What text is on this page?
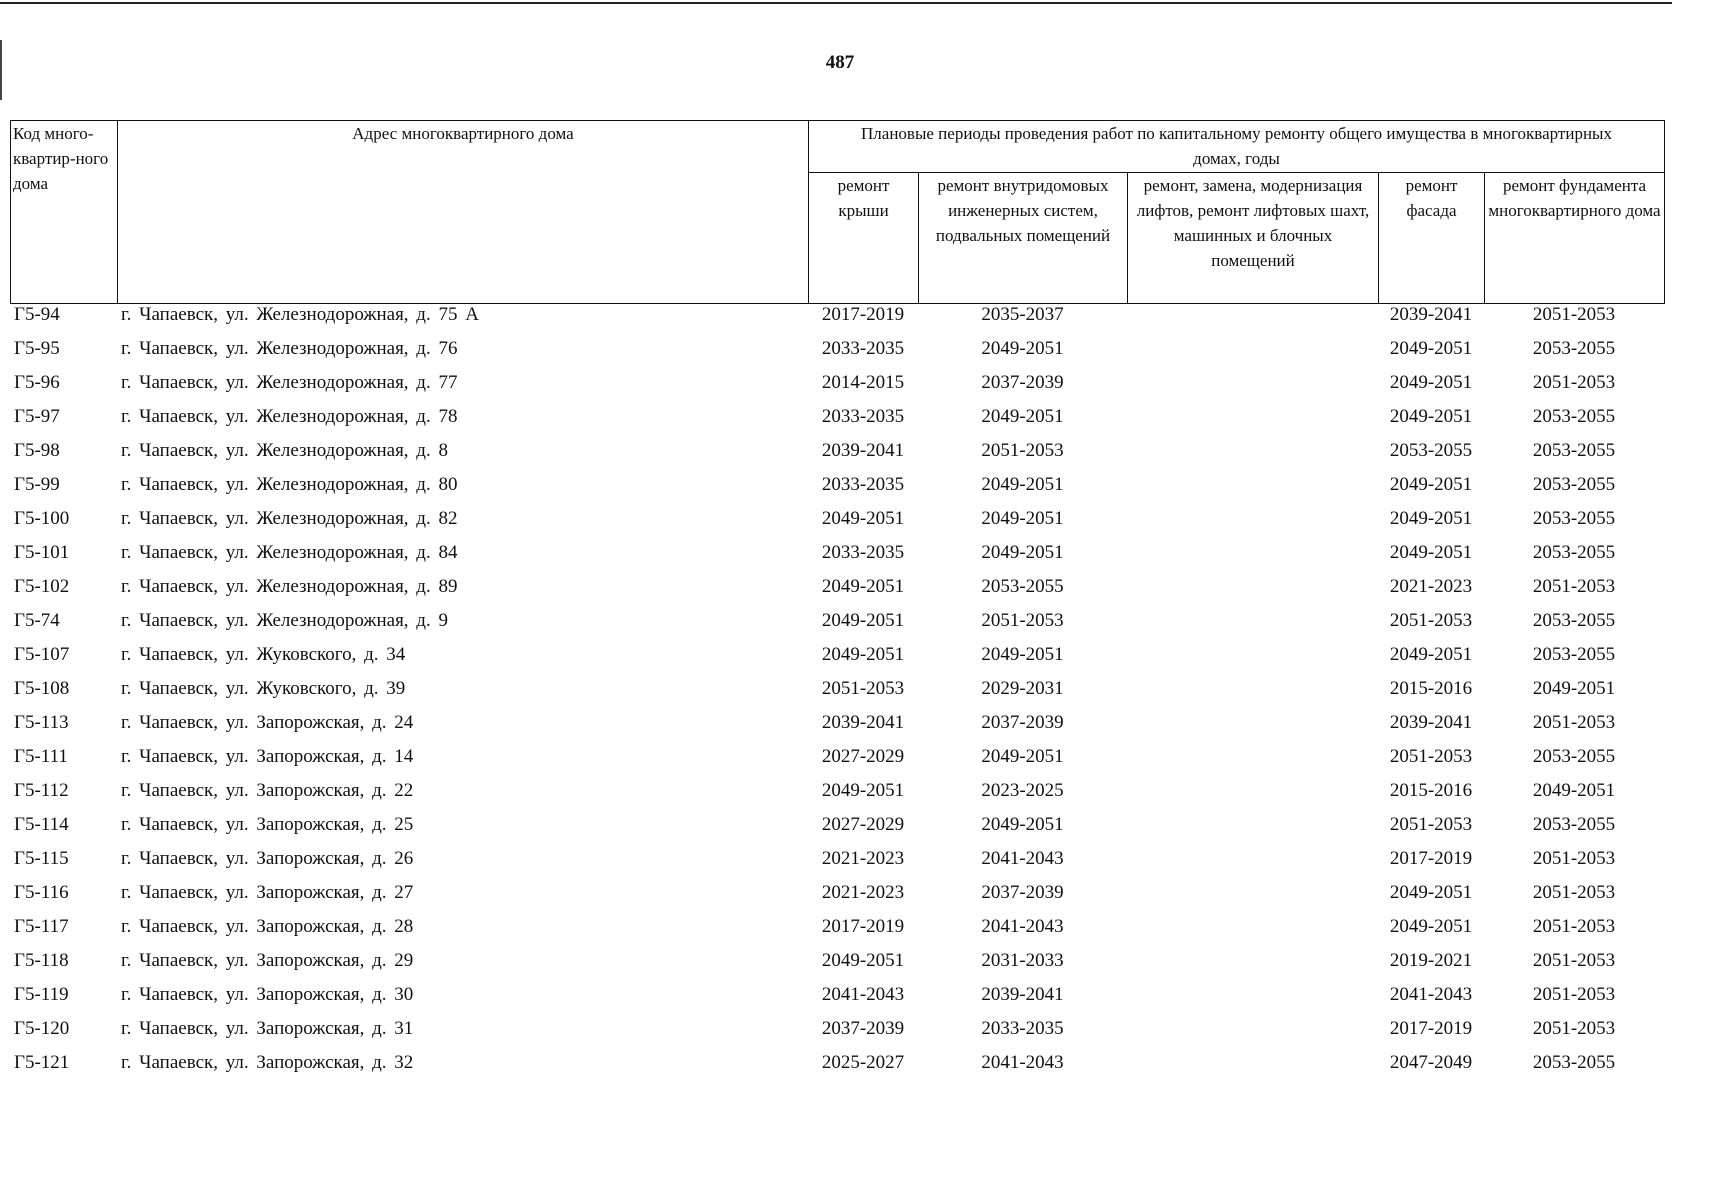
487
Код много-квартир-ного дома	Адрес многоквартирного дома	Плановые периоды проведения работ по капитальному ремонту общего имущества в многоквартирных домах, годы				
		ремонт крыши	ремонт внутридомовых инженерных систем, подвальных помещений	ремонт, замена, модернизация лифтов, ремонт лифтовых шахт, машинных и блочных помещений	ремонт фасада	ремонт фундамента многоквартирного дома
Г5-94	г. Чапаевск, ул. Железнодорожная, д. 75 А	2017-2019	2035-2037		2039-2041	2051-2053
Г5-95	г. Чапаевск, ул. Железнодорожная, д. 76	2033-2035	2049-2051		2049-2051	2053-2055
Г5-96	г. Чапаевск, ул. Железнодорожная, д. 77	2014-2015	2037-2039		2049-2051	2051-2053
Г5-97	г. Чапаевск, ул. Железнодорожная, д. 78	2033-2035	2049-2051		2049-2051	2053-2055
Г5-98	г. Чапаевск, ул. Железнодорожная, д. 8	2039-2041	2051-2053		2053-2055	2053-2055
Г5-99	г. Чапаевск, ул. Железнодорожная, д. 80	2033-2035	2049-2051		2049-2051	2053-2055
Г5-100	г. Чапаевск, ул. Железнодорожная, д. 82	2049-2051	2049-2051		2049-2051	2053-2055
Г5-101	г. Чапаевск, ул. Железнодорожная, д. 84	2033-2035	2049-2051		2049-2051	2053-2055
Г5-102	г. Чапаевск, ул. Железнодорожная, д. 89	2049-2051	2053-2055		2021-2023	2051-2053
Г5-74	г. Чапаевск, ул. Железнодорожная, д. 9	2049-2051	2051-2053		2051-2053	2053-2055
Г5-107	г. Чапаевск, ул. Жуковского, д. 34	2049-2051	2049-2051		2049-2051	2053-2055
Г5-108	г. Чапаевск, ул. Жуковского, д. 39	2051-2053	2029-2031		2015-2016	2049-2051
Г5-113	г. Чапаевск, ул. Запорожская, д. 24	2039-2041	2037-2039		2039-2041	2051-2053
Г5-111	г. Чапаевск, ул. Запорожская, д. 14	2027-2029	2049-2051		2051-2053	2053-2055
Г5-112	г. Чапаевск, ул. Запорожская, д. 22	2049-2051	2023-2025		2015-2016	2049-2051
Г5-114	г. Чапаевск, ул. Запорожская, д. 25	2027-2029	2049-2051		2051-2053	2053-2055
Г5-115	г. Чапаевск, ул. Запорожская, д. 26	2021-2023	2041-2043		2017-2019	2051-2053
Г5-116	г. Чапаевск, ул. Запорожская, д. 27	2021-2023	2037-2039		2049-2051	2051-2053
Г5-117	г. Чапаевск, ул. Запорожская, д. 28	2017-2019	2041-2043		2049-2051	2051-2053
Г5-118	г. Чапаевск, ул. Запорожская, д. 29	2049-2051	2031-2033		2019-2021	2051-2053
Г5-119	г. Чапаевск, ул. Запорожская, д. 30	2041-2043	2039-2041		2041-2043	2051-2053
Г5-120	г. Чапаевск, ул. Запорожская, д. 31	2037-2039	2033-2035		2017-2019	2051-2053
Г5-121	г. Чапаевск, ул. Запорожская, д. 32	2025-2027	2041-2043		2047-2049	2053-2055
